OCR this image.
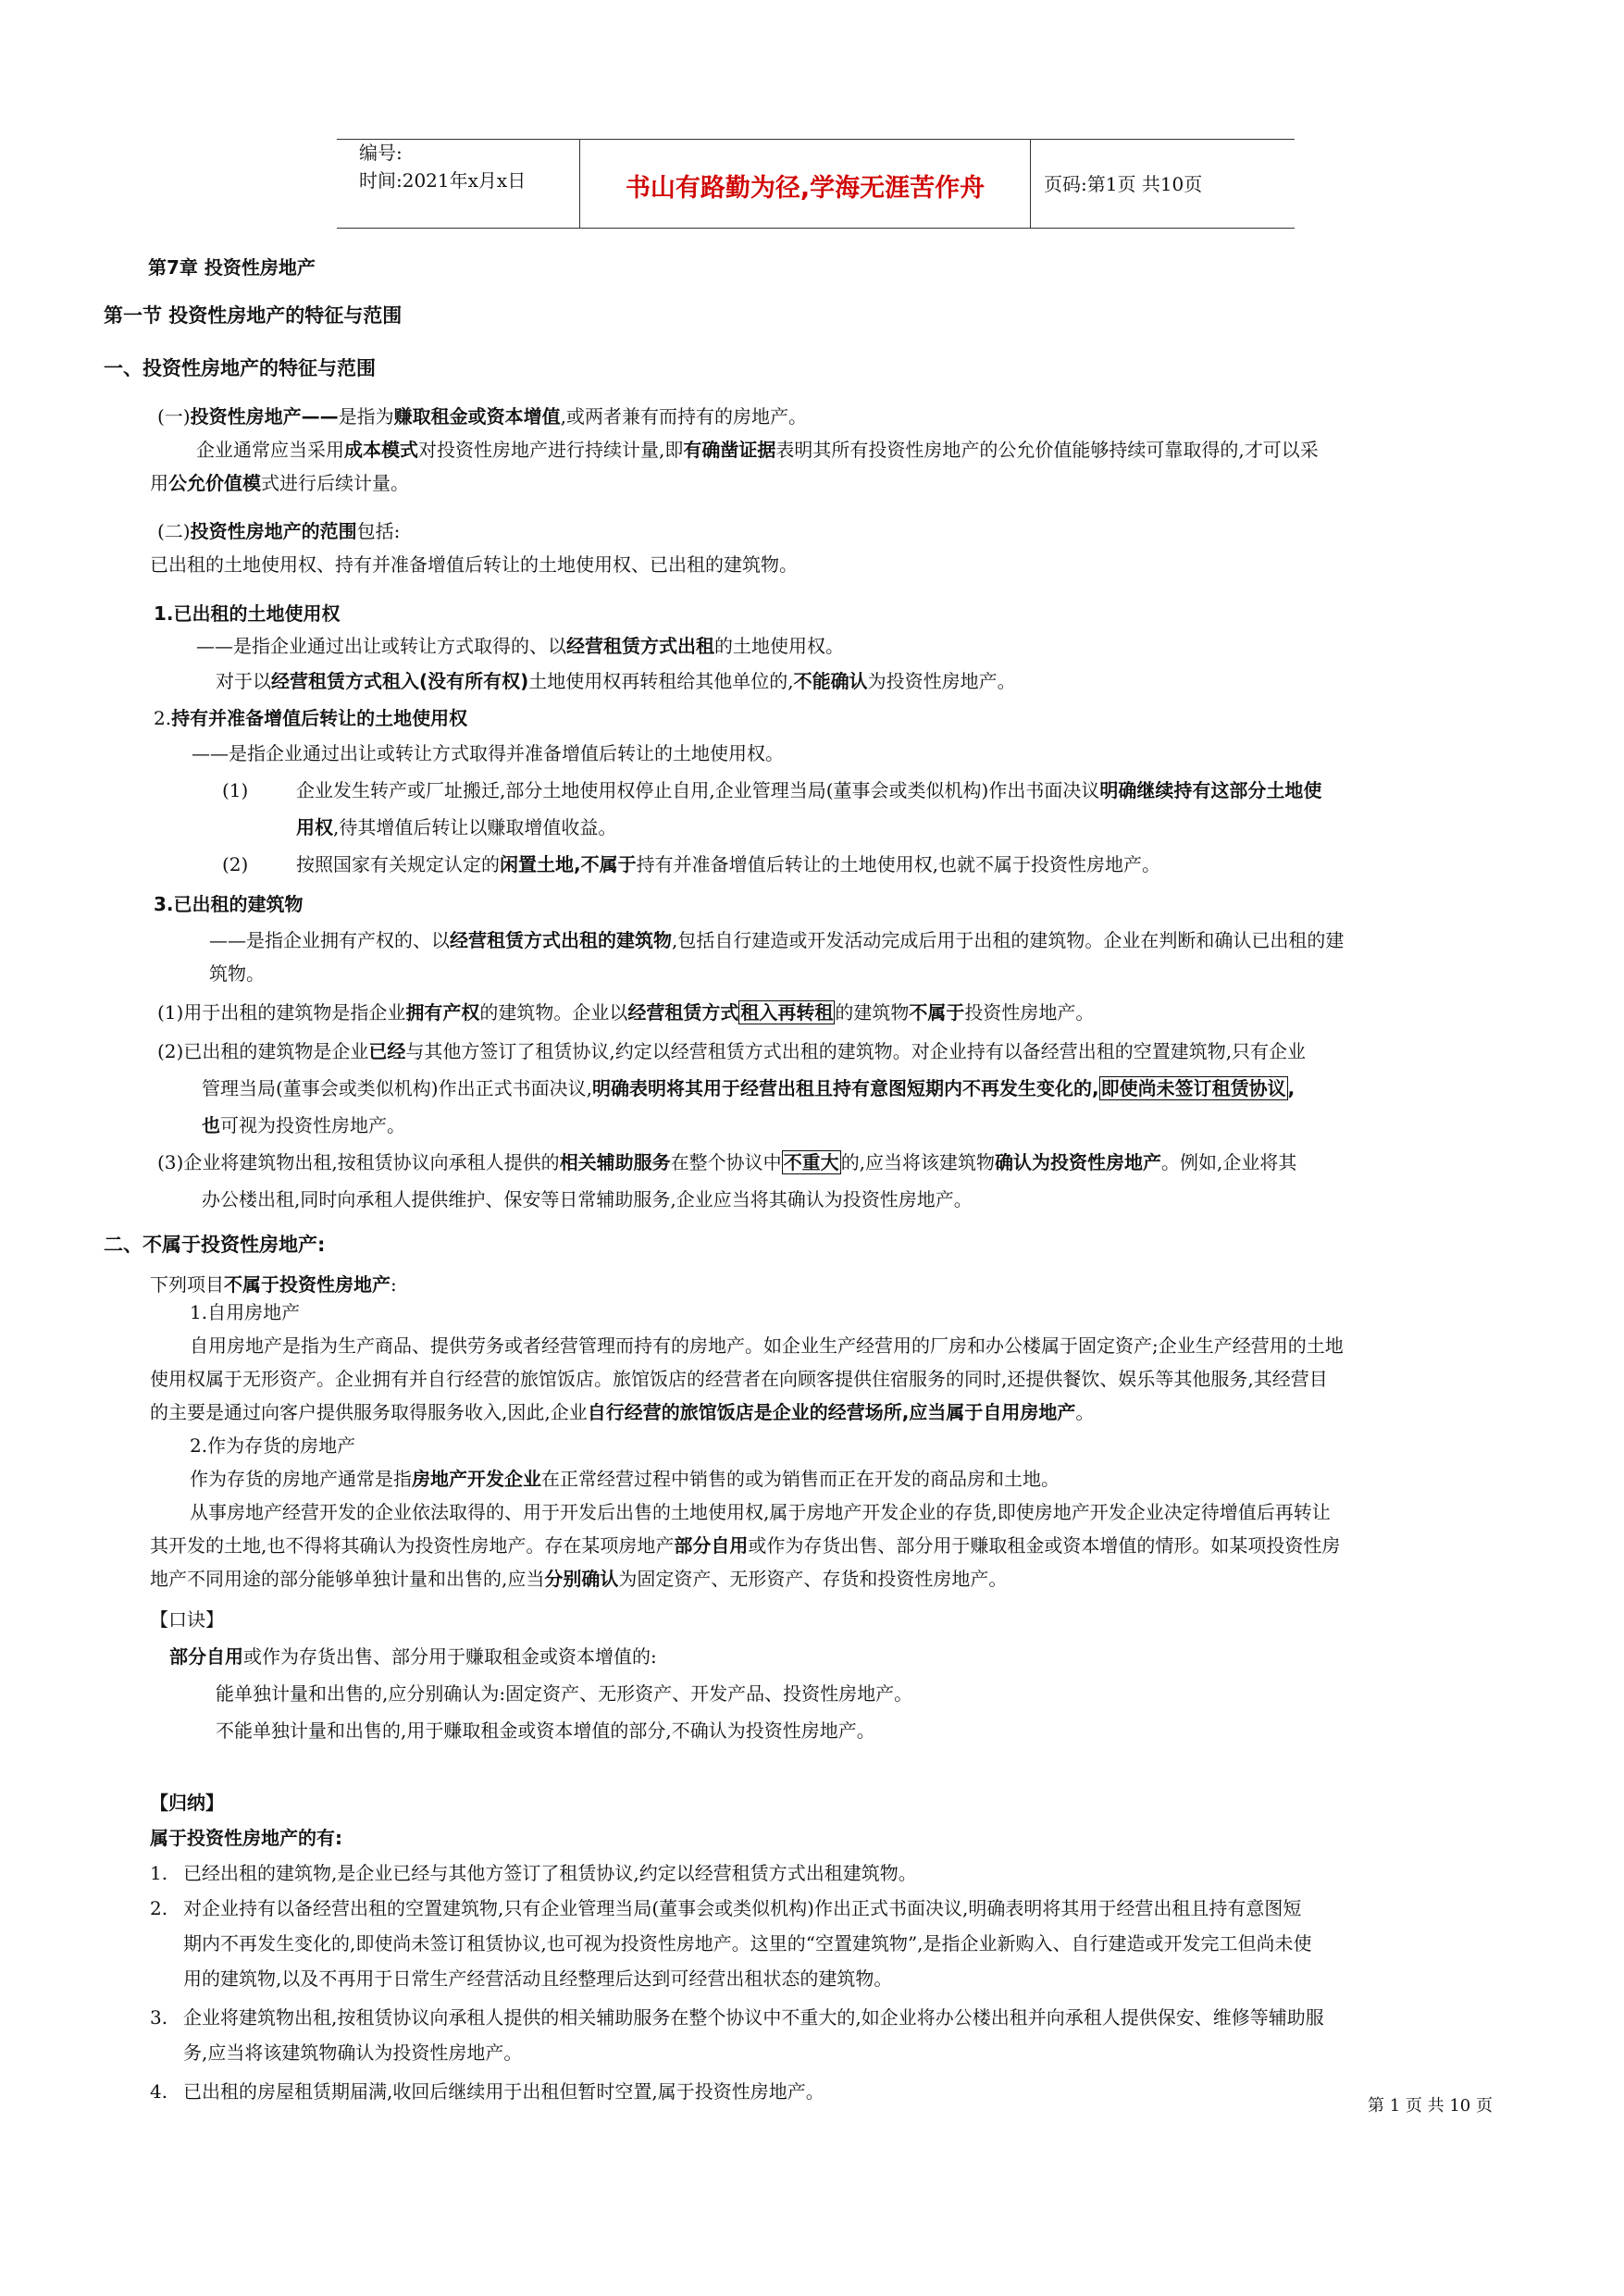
编号:
时间:2021年x月x日	书山有路勤为径,学海无涯苦作舟	页码:第1页 共10页
第7章 投资性房地产
第一节 投资性房地产的特征与范围
一、投资性房地产的特征与范围
(一)投资性房地产——是指为赚取租金或资本增值,或两者兼有而持有的房地产。
企业通常应当采用成本模式对投资性房地产进行持续计量,即有确凿证据表明其所有投资性房地产的公允价值能够持续可靠取得的,才可以采
用公允价值模式进行后续计量。
(二)投资性房地产的范围包括:
已出租的土地使用权、持有并准备增值后转让的土地使用权、已出租的建筑物。
1.已出租的土地使用权
——是指企业通过出让或转让方式取得的、以经营租赁方式出租的土地使用权。
对于以经营租赁方式租入(没有所有权)土地使用权再转租给其他单位的,不能确认为投资性房地产。
2.持有并准备增值后转让的土地使用权
——是指企业通过出让或转让方式取得并准备增值后转让的土地使用权。
(1)	企业发生转产或厂址搬迁,部分土地使用权停止自用,企业管理当局(董事会或类似机构)作出书面决议明确继续持有这部分土地使
用权,待其增值后转让以赚取增值收益。
(2)	按照国家有关规定认定的闲置土地,不属于持有并准备增值后转让的土地使用权,也就不属于投资性房地产。
3.已出租的建筑物
——是指企业拥有产权的、以经营租赁方式出租的建筑物,包括自行建造或开发活动完成后用于出租的建筑物。企业在判断和确认已出租的建
筑物。
(1)用于出租的建筑物是指企业拥有产权的建筑物。企业以经营租赁方式 租入再转租 的建筑物不属于投资性房地产。
(2)已出租的建筑物是企业已经与其他方签订了租赁协议,约定以经营租赁方式出租的建筑物。对企业持有以备经营出租的空置建筑物,只有企业
管理当局(董事会或类似机构)作出正式书面决议,明确表明将其用于经营出租且持有意图短期内不再发生变化的, 即使尚未签订租赁协议 ,
也可视为投资性房地产。
(3)企业将建筑物出租,按租赁协议向承租人提供的相关辅助服务在整个协议中 不重大 的,应当将该建筑物确认为投资性房地产。例如,企业将其
办公楼出租,同时向承租人提供维护、保安等日常辅助服务,企业应当将其确认为投资性房地产。
二、不属于投资性房地产:
下列项目不属于投资性房地产:
1.自用房地产
自用房地产是指为生产商品、提供劳务或者经营管理而持有的房地产。如企业生产经营用的厂房和办公楼属于固定资产;企业生产经营用的土地
使用权属于无形资产。企业拥有并自行经营的旅馆饭店。旅馆饭店的经营者在向顾客提供住宿服务的同时,还提供餐饮、娱乐等其他服务,其经营目
的主要是通过向客户提供服务取得服务收入,因此,企业自行经营的旅馆饭店是企业的经营场所,应当属于自用房地产。
2.作为存货的房地产
作为存货的房地产通常是指房地产开发企业在正常经营过程中销售的或为销售而正在开发的商品房和土地。
从事房地产经营开发的企业依法取得的、用于开发后出售的土地使用权,属于房地产开发企业的存货,即使房地产开发企业决定待增值后再转让
其开发的土地,也不得将其确认为投资性房地产。存在某项房地产部分自用或作为存货出售、部分用于赚取租金或资本增值的情形。如某项投资性房
地产不同用途的部分能够单独计量和出售的,应当分别确认为固定资产、无形资产、存货和投资性房地产。
【口诀】
部分自用或作为存货出售、部分用于赚取租金或资本增值的:
能单独计量和出售的,应分别确认为:固定资产、无形资产、开发产品、投资性房地产。
不能单独计量和出售的,用于赚取租金或资本增值的部分,不确认为投资性房地产。
【归纳】
属于投资性房地产的有:
1. 已经出租的建筑物,是企业已经与其他方签订了租赁协议,约定以经营租赁方式出租建筑物。
2. 对企业持有以备经营出租的空置建筑物,只有企业管理当局(董事会或类似机构)作出正式书面决议,明确表明将其用于经营出租且持有意图短
期内不再发生变化的,即使尚未签订租赁协议,也可视为投资性房地产。这里的“空置建筑物”,是指企业新购入、自行建造或开发完工但尚未使
用的建筑物,以及不再用于日常生产经营活动且经整理后达到可经营出租状态的建筑物。
3. 企业将建筑物出租,按租赁协议向承租人提供的相关辅助服务在整个协议中不重大的,如企业将办公楼出租并向承租人提供保安、维修等辅助服
务,应当将该建筑物确认为投资性房地产。
4. 已出租的房屋租赁期届满,收回后继续用于出租但暂时空置,属于投资性房地产。
第 1 页 共 10 页
